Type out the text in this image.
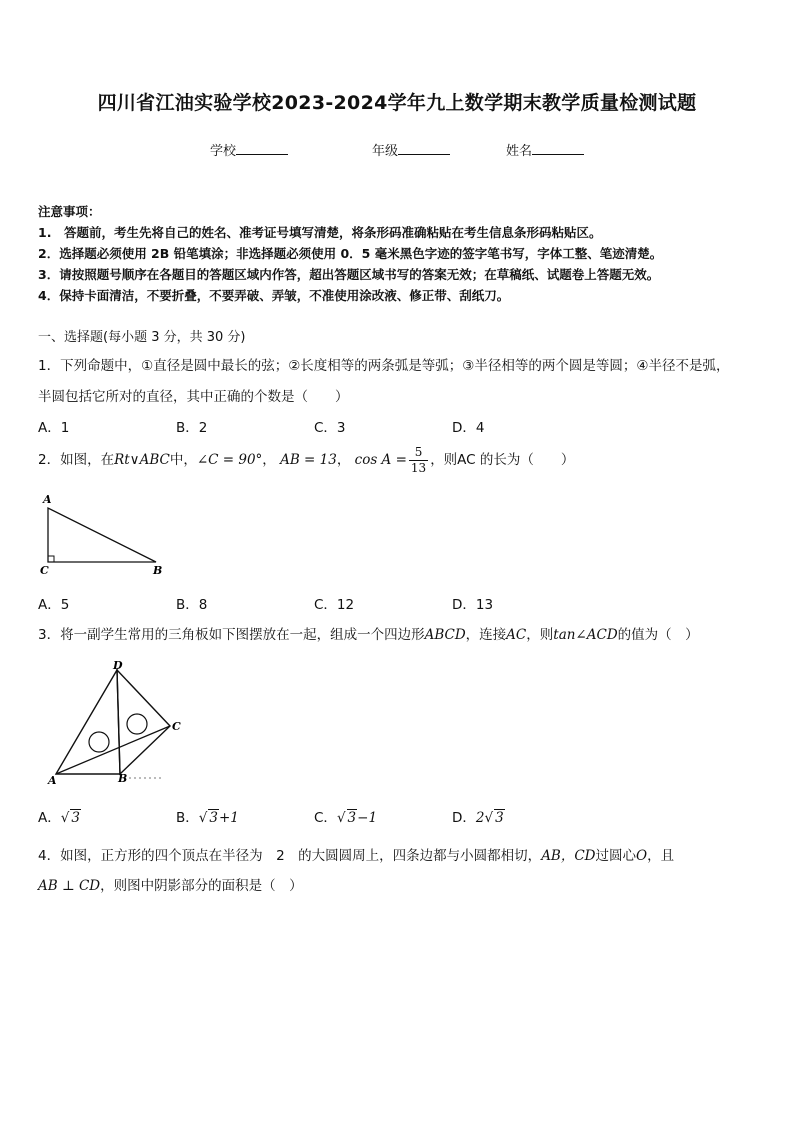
四川省江油实验学校2023-2024学年九上数学期末教学质量检测试题
学校	年级	姓名
注意事项：
1.　答题前，考生先将自己的姓名、准考证号填写清楚，将条形码准确粘贴在考生信息条形码粘贴区。
2．选择题必须使用 2B 铅笔填涂；非选择题必须使用 0．5 毫米黑色字迹的签字笔书写，字体工整、笔迹清楚。
3．请按照题号顺序在各题目的答题区域内作答，超出答题区域书写的答案无效；在草稿纸、试题卷上答题无效。
4．保持卡面清洁，不要折叠，不要弄破、弄皱，不准使用涂改液、修正带、刮纸刀。
一、选择题(每小题 3 分，共 30 分)
1．下列命题中，①直径是圆中最长的弦；②长度相等的两条弧是等弧；③半径相等的两个圆是等圆；④半径不是弧，
半圆包括它所对的直径，其中正确的个数是（　　）
A．1	B．2	C．3	D．4
2．如图，在Rt∨ABC中，∠C = 90°， AB = 13， $\cos A = \frac{5}{13}$ ，则AC 的长为（　　）
A
C	B
A．5	B．8	C．12	D．13
3．将一副学生常用的三角板如下图摆放在一起，组成一个四边形ABCD，连接AC，则tan∠ACD的值为（　）
D
C
A	B
A．√ 3	B．√ 3+1	C．√ 3−1	D．2√ 3
4．如图，正方形的四个顶点在半径为　2　的大圆圆周上，四条边都与小圆都相切，AB，CD过圆心O，且
AB ⊥ CD，则图中阴影部分的面积是（　）
